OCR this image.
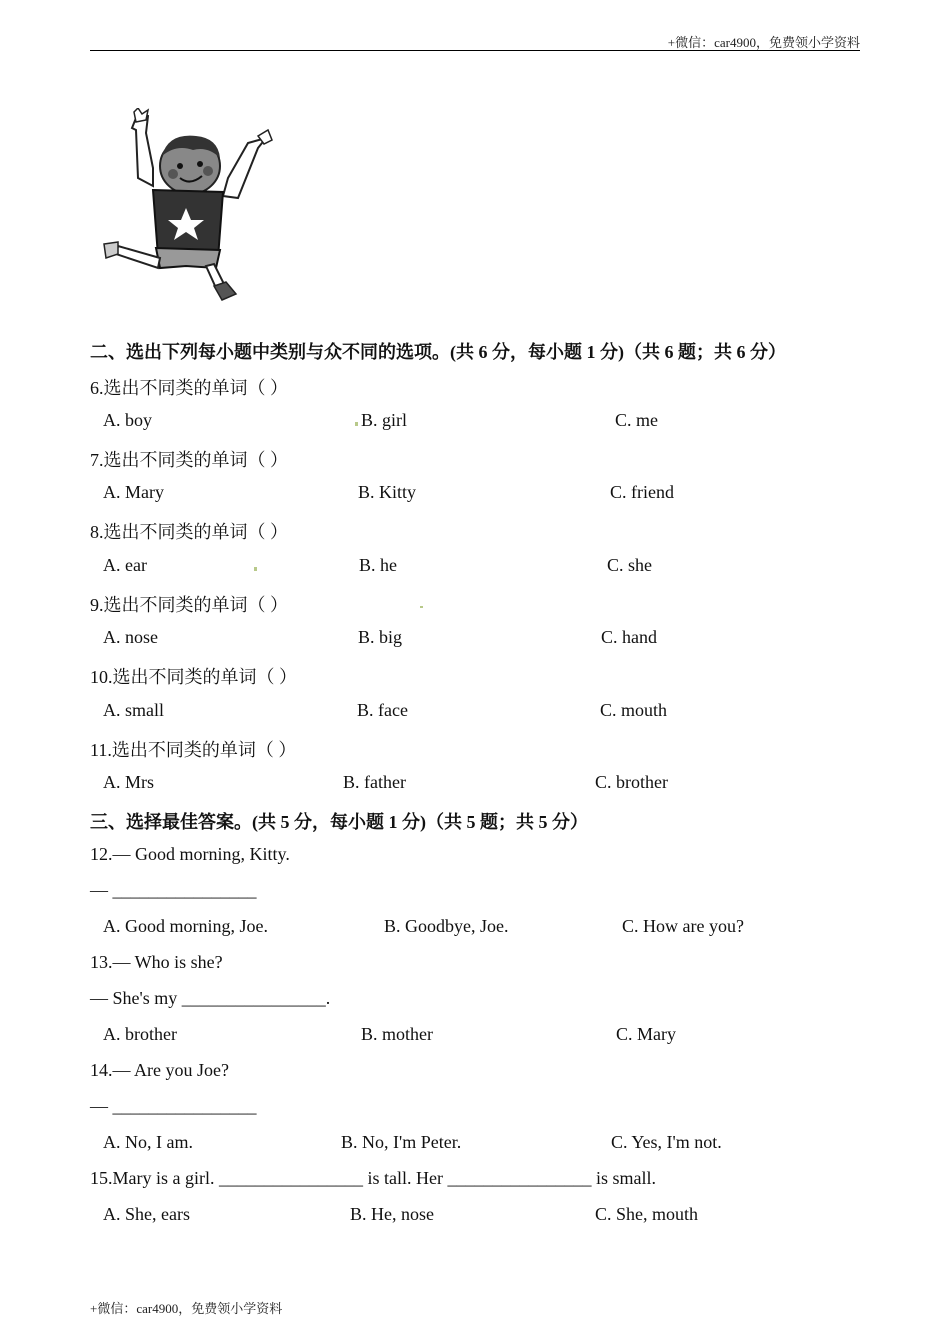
+微信：car4900，免费领小学资料
二、选出下列每小题中类别与众不同的选项。(共 6 分，每小题 1 分)（共 6 题；共 6 分）
6.选出不同类的单词（ ）
A. boy	B. girl	C. me
7.选出不同类的单词（ ）
A. Mary	B. Kitty	C. friend
8.选出不同类的单词（ ）
A. ear	B. he	C. she
9.选出不同类的单词（ ）
A. nose	B. big	C. hand
10.选出不同类的单词（ ）
A. small	B. face	C. mouth
11.选出不同类的单词（ ）
A. Mrs	B. father	C. brother
三、选择最佳答案。(共 5 分，每小题 1 分)（共 5 题；共 5 分）
12.— Good morning, Kitty.
— ________________
A. Good morning, Joe.	B. Goodbye, Joe.	C. How are you?
13.— Who is she?
— She's my ________________.
A. brother	B. mother	C. Mary
14.— Are you Joe?
— ________________
A. No, I am.	B. No, I'm Peter.	C. Yes, I'm not.
15.Mary is a girl. ________________ is tall. Her ________________ is small.
A. She, ears	B. He, nose	C. She, mouth
+微信：car4900，免费领小学资料
